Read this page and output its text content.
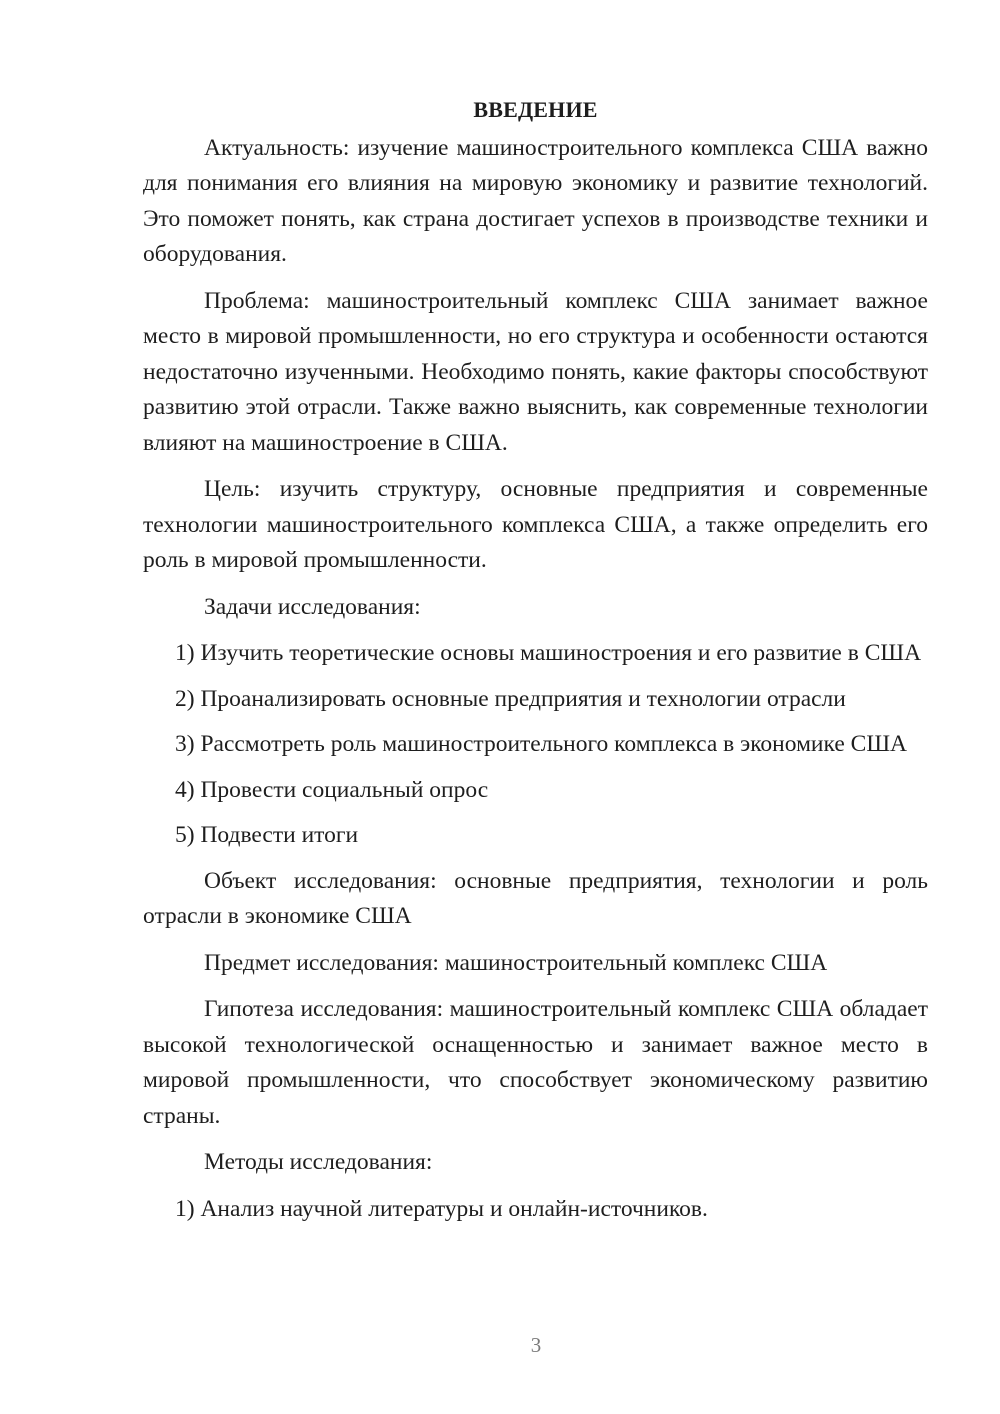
ВВЕДЕНИЕ

Актуальность: изучение машиностроительного комплекса США важно для понимания его влияния на мировую экономику и развитие технологий. Это поможет понять, как страна достигает успехов в производстве техники и оборудования.

Проблема: машиностроительный комплекс США занимает важное место в мировой промышленности, но его структура и особенности остаются недостаточно изученными. Необходимо понять, какие факторы способствуют развитию этой отрасли. Также важно выяснить, как современные технологии влияют на машиностроение в США.

Цель: изучить структуру, основные предприятия и современные технологии машиностроительного комплекса США, а также определить его роль в мировой промышленности.

Задачи исследования:

1) Изучить теоретические основы машиностроения и его развитие в США

2) Проанализировать основные предприятия и технологии отрасли

3) Рассмотреть роль машиностроительного комплекса в экономике США

4) Провести социальный опрос

5) Подвести итоги

Объект исследования: основные предприятия, технологии и роль отрасли в экономике США

Предмет исследования: машиностроительный комплекс США

Гипотеза исследования: машиностроительный комплекс США обладает высокой технологической оснащенностью и занимает важное место в мировой промышленности, что способствует экономическому развитию страны.

Методы исследования:

1) Анализ научной литературы и онлайн-источников.

3
